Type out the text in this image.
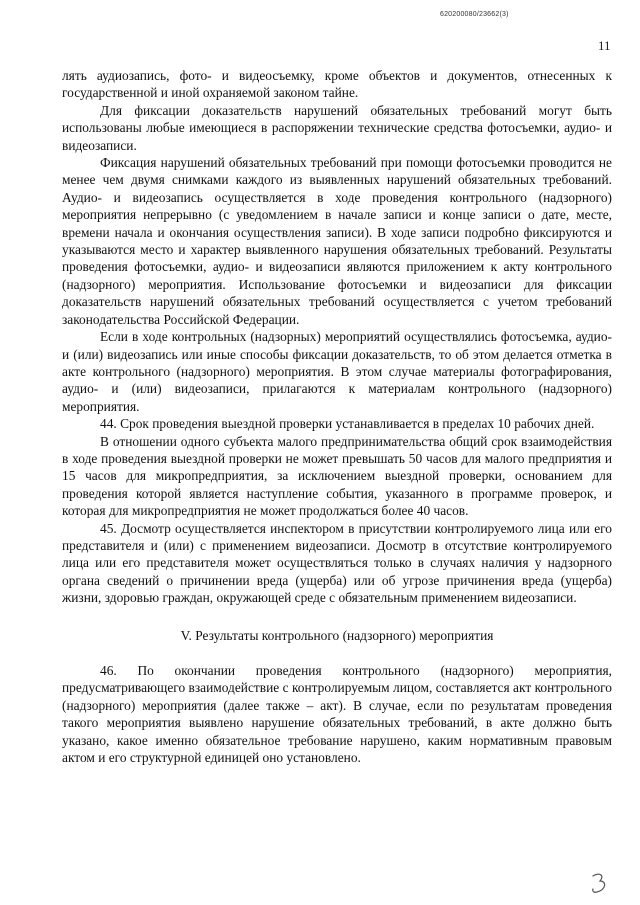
620200080/23662(3)
11

лять аудиозапись, фото- и видеосъемку, кроме объектов и документов, отнесенных к государственной и иной охраняемой законом тайне.

Для фиксации доказательств нарушений обязательных требований могут быть использованы любые имеющиеся в распоряжении технические средства фотосъемки, аудио- и видеозаписи.

Фиксация нарушений обязательных требований при помощи фотосъемки проводится не менее чем двумя снимками каждого из выявленных нарушений обязательных требований. Аудио- и видеозапись осуществляется в ходе проведения контрольного (надзорного) мероприятия непрерывно (с уведомлением в начале записи и конце записи о дате, месте, времени начала и окончания осуществления записи). В ходе записи подробно фиксируются и указываются место и характер выявленного нарушения обязательных требований. Результаты проведения фотосъемки, аудио- и видеозаписи являются приложением к акту контрольного (надзорного) мероприятия. Использование фотосъемки и видеозаписи для фиксации доказательств нарушений обязательных требований осуществляется с учетом требований законодательства Российской Федерации.

Если в ходе контрольных (надзорных) мероприятий осуществлялись фотосъемка, аудио- и (или) видеозапись или иные способы фиксации доказательств, то об этом делается отметка в акте контрольного (надзорного) мероприятия. В этом случае материалы фотографирования, аудио- и (или) видеозаписи, прилагаются к материалам контрольного (надзорного) мероприятия.

44. Срок проведения выездной проверки устанавливается в пределах 10 рабочих дней.

В отношении одного субъекта малого предпринимательства общий срок взаимодействия в ходе проведения выездной проверки не может превышать 50 часов для малого предприятия и 15 часов для микропредприятия, за исключением выездной проверки, основанием для проведения которой является наступление события, указанного в программе проверок, и которая для микропредприятия не может продолжаться более 40 часов.

45. Досмотр осуществляется инспектором в присутствии контролируемого лица или его представителя и (или) с применением видеозаписи. Досмотр в отсутствие контролируемого лица или его представителя может осуществляться только в случаях наличия у надзорного органа сведений о причинении вреда (ущерба) или об угрозе причинения вреда (ущерба) жизни, здоровью граждан, окружающей среде с обязательным применением видеозаписи.

V. Результаты контрольного (надзорного) мероприятия

46. По окончании проведения контрольного (надзорного) мероприятия, предусматривающего взаимодействие с контролируемым лицом, составляется акт контрольного (надзорного) мероприятия (далее также – акт). В случае, если по результатам проведения такого мероприятия выявлено нарушение обязательных требований, в акте должно быть указано, какое именно обязательное требование нарушено, каким нормативным правовым актом и его структурной единицей оно установлено.
